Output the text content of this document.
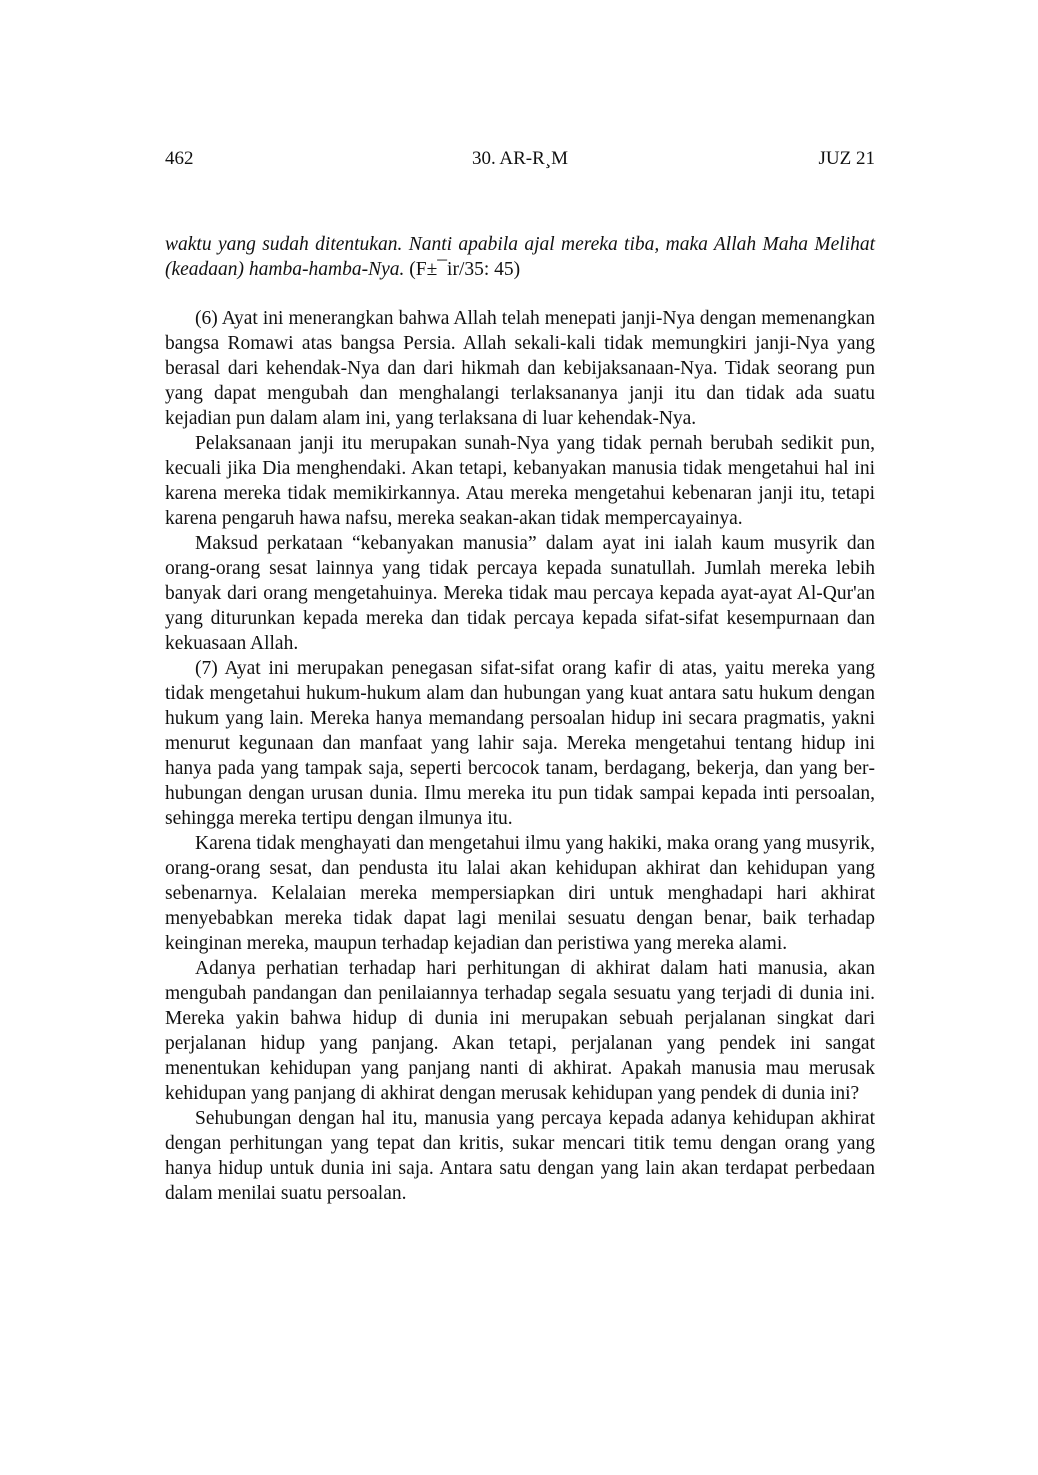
462	30. AR-R¸M	JUZ 21

waktu yang sudah ditentukan. Nanti apabila ajal mereka tiba, maka Allah Maha Melihat (keadaan) hamba-hamba-Nya. (F±¯ir/35: 45)

(6) Ayat ini menerangkan bahwa Allah telah menepati janji-Nya dengan memenangkan bangsa Romawi atas bangsa Persia. Allah sekali-kali tidak memungkiri janji-Nya yang berasal dari kehendak-Nya dan dari hikmah dan kebijaksanaan-Nya. Tidak seorang pun yang dapat mengubah dan menghalangi terlaksananya janji itu dan tidak ada suatu kejadian pun dalam alam ini, yang terlaksana di luar kehendak-Nya.

Pelaksanaan janji itu merupakan sunah-Nya yang tidak pernah berubah sedikit pun, kecuali jika Dia menghendaki. Akan tetapi, kebanyakan manusia tidak mengetahui hal ini karena mereka tidak memikirkannya. Atau mereka mengetahui kebenaran janji itu, tetapi karena pengaruh hawa nafsu, mereka seakan-akan tidak mempercayainya.

Maksud perkataan “kebanyakan manusia” dalam ayat ini ialah kaum musyrik dan orang-orang sesat lainnya yang tidak percaya kepada sunatullah. Jumlah mereka lebih banyak dari orang mengetahuinya. Mereka tidak mau percaya kepada ayat-ayat Al-Qur'an yang diturunkan kepada mereka dan tidak percaya kepada sifat-sifat kesempurnaan dan kekuasaan Allah.

(7) Ayat ini merupakan penegasan sifat-sifat orang kafir di atas, yaitu mereka yang tidak mengetahui hukum-hukum alam dan hubungan yang kuat antara satu hukum dengan hukum yang lain. Mereka hanya memandang persoalan hidup ini secara pragmatis, yakni menurut kegunaan dan manfaat yang lahir saja. Mereka mengetahui tentang hidup ini hanya pada yang tampak saja, seperti bercocok tanam, berdagang, bekerja, dan yang berhubungan dengan urusan dunia. Ilmu mereka itu pun tidak sampai kepada inti persoalan, sehingga mereka tertipu dengan ilmunya itu.

Karena tidak menghayati dan mengetahui ilmu yang hakiki, maka orang yang musyrik, orang-orang sesat, dan pendusta itu lalai akan kehidupan akhirat dan kehidupan yang sebenarnya. Kelalaian mereka mempersiapkan diri untuk menghadapi hari akhirat menyebabkan mereka tidak dapat lagi menilai sesuatu dengan benar, baik terhadap keinginan mereka, maupun terhadap kejadian dan peristiwa yang mereka alami.

Adanya perhatian terhadap hari perhitungan di akhirat dalam hati manusia, akan mengubah pandangan dan penilaiannya terhadap segala sesuatu yang terjadi di dunia ini. Mereka yakin bahwa hidup di dunia ini merupakan sebuah perjalanan singkat dari perjalanan hidup yang panjang. Akan tetapi, perjalanan yang pendek ini sangat menentukan kehidupan yang panjang nanti di akhirat. Apakah manusia mau merusak kehidupan yang panjang di akhirat dengan merusak kehidupan yang pendek di dunia ini?

Sehubungan dengan hal itu, manusia yang percaya kepada adanya kehidupan akhirat dengan perhitungan yang tepat dan kritis, sukar mencari titik temu dengan orang yang hanya hidup untuk dunia ini saja. Antara satu dengan yang lain akan terdapat perbedaan dalam menilai suatu persoalan.
